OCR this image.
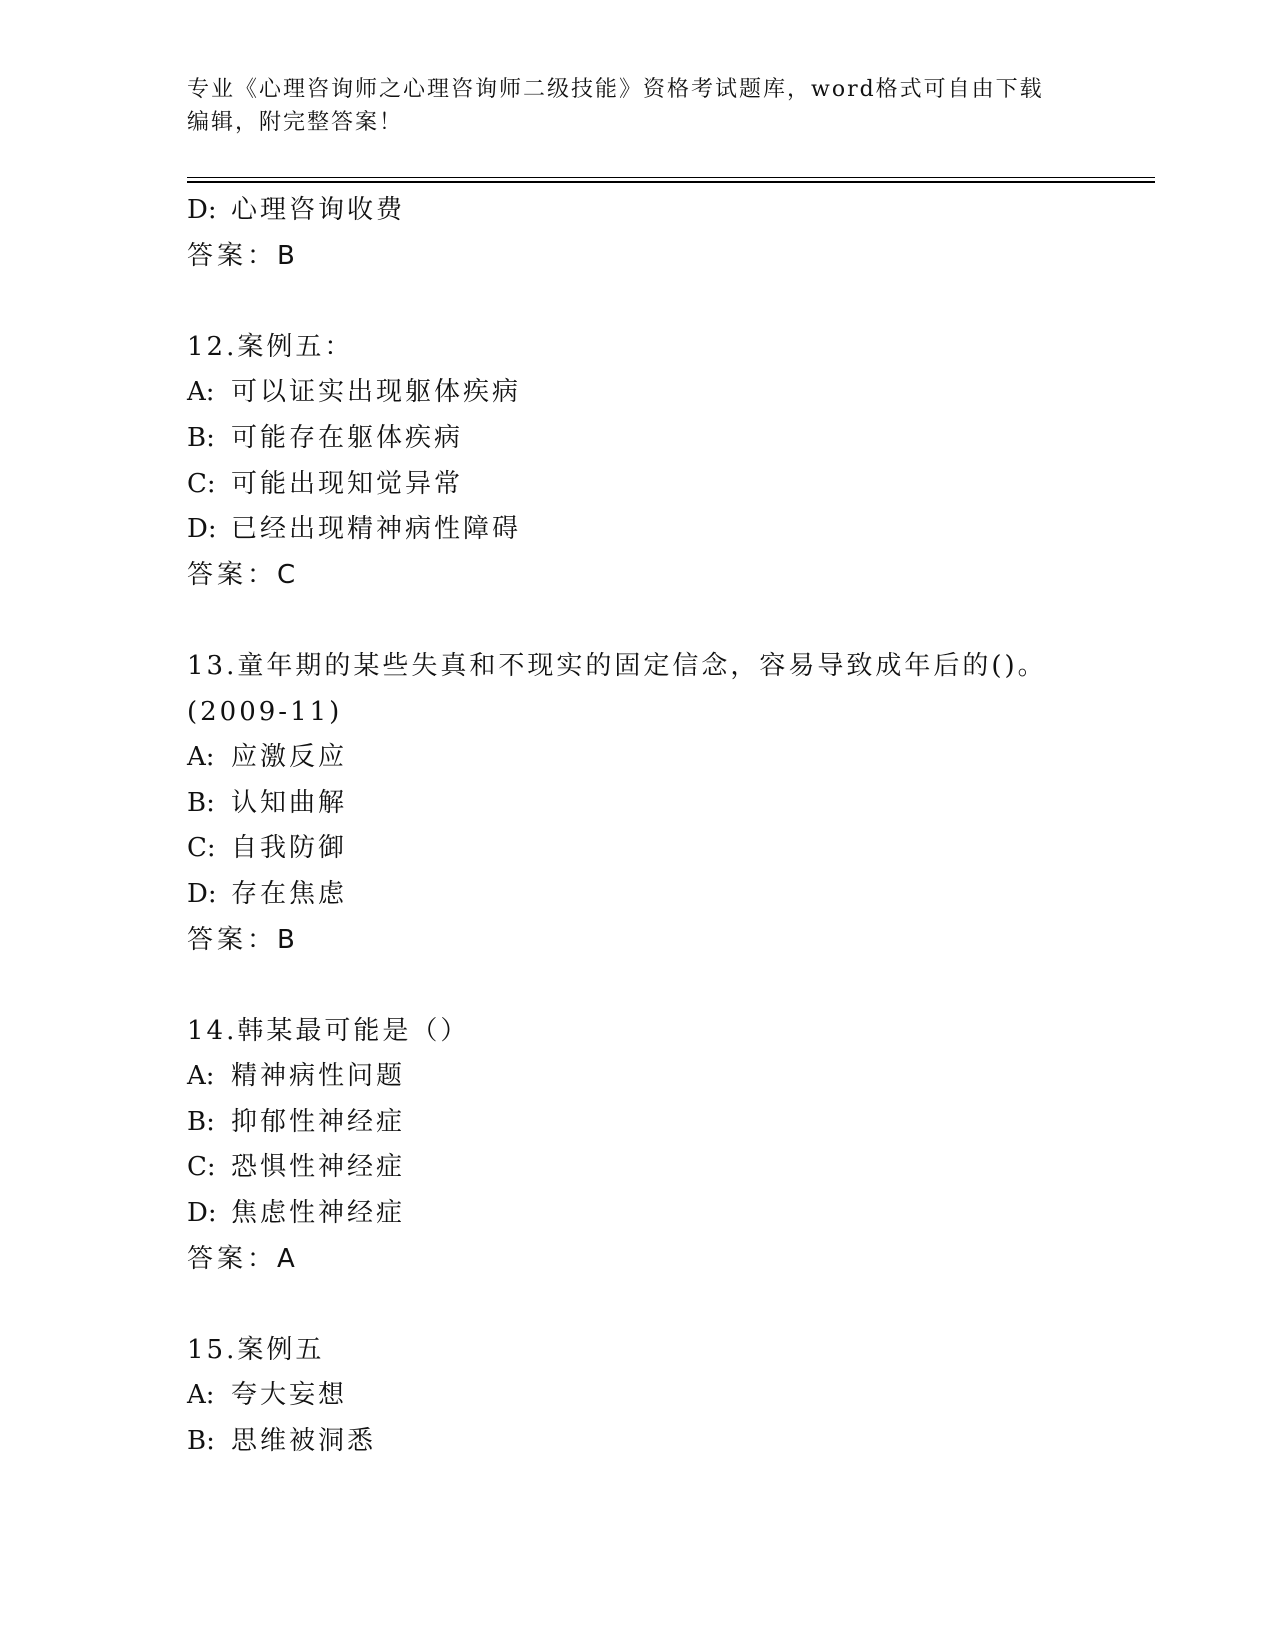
专业《心理咨询师之心理咨询师二级技能》资格考试题库，word格式可自由下载
编辑，附完整答案！
D: 心理咨询收费
答案：B
12.案例五：
A: 可以证实出现躯体疾病
B: 可能存在躯体疾病
C: 可能出现知觉异常
D: 已经出现精神病性障碍
答案：C
13.童年期的某些失真和不现实的固定信念，容易导致成年后的()。
(2009-11)
A: 应激反应
B: 认知曲解
C: 自我防御
D: 存在焦虑
答案：B
14.韩某最可能是（）
A: 精神病性问题
B: 抑郁性神经症
C: 恐惧性神经症
D: 焦虑性神经症
答案：A
15.案例五
A: 夸大妄想
B: 思维被洞悉
